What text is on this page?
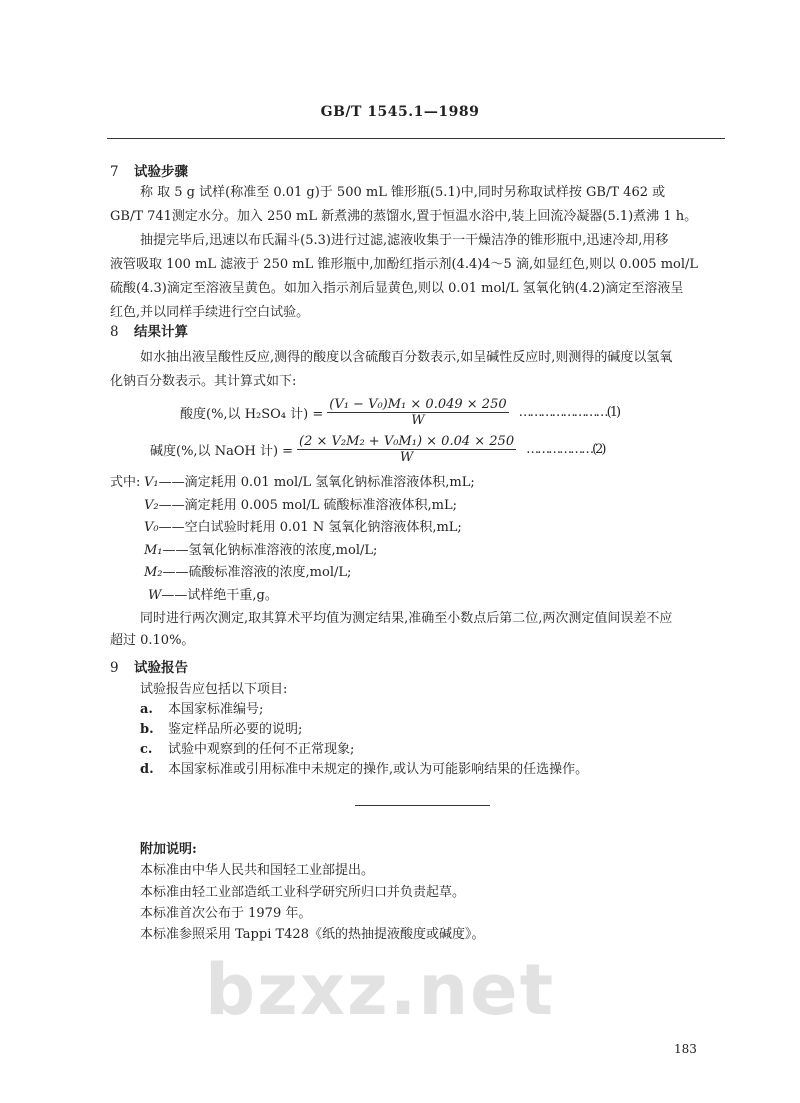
bzxz.net
GB/T 1545.1—1989
7 试验步骤
称 取 5 g 试样(称准至 0.01 g)于 500 mL 锥形瓶(5.1)中,同时另称取试样按 GB/T 462 或
GB/T 741测定水分。加入 250 mL 新煮沸的蒸馏水,置于恒温水浴中,装上回流冷凝器(5.1)煮沸 1 h。
抽提完毕后,迅速以布氏漏斗(5.3)进行过滤,滤液收集于一干燥洁净的锥形瓶中,迅速冷却,用移
液管吸取 100 mL 滤液于 250 mL 锥形瓶中,加酚红指示剂(4.4)4～5 滴,如显红色,则以 0.005 mol/L
硫酸(4.3)滴定至溶液呈黄色。如加入指示剂后显黄色,则以 0.01 mol/L 氢氧化钠(4.2)滴定至溶液呈
红色,并以同样手续进行空白试验。
8 结果计算
如水抽出液呈酸性反应,测得的酸度以含硫酸百分数表示,如呈碱性反应时,则测得的碱度以氢氧
化钠百分数表示。其计算式如下:
酸度(%,以 H₂SO₄ 计) = $\frac{\text{(V₁ − V₀)M₁ × 0.049 × 250}}{W}$ ……………………(1)
碱度(%,以 NaOH 计) = $\frac{\text{(2 × V₂M₂ + V₀M₁) × 0.04 × 250}}{W}$ ………………(2)
式中: V₁——滴定耗用 0.01 mol/L 氢氧化钠标准溶液体积,mL;
V₂——滴定耗用 0.005 mol/L 硫酸标准溶液体积,mL;
V₀——空白试验时耗用 0.01 N 氢氧化钠溶液体积,mL;
M₁——氢氧化钠标准溶液的浓度,mol/L;
M₂——硫酸标准溶液的浓度,mol/L;
W——试样绝干重,g。
同时进行两次测定,取其算术平均值为测定结果,准确至小数点后第二位,两次测定值间误差不应
超过 0.10%。
9 试验报告
试验报告应包括以下项目:
a. 本国家标准编号;
b. 鉴定样品所必要的说明;
c. 试验中观察到的任何不正常现象;
d. 本国家标准或引用标准中未规定的操作,或认为可能影响结果的任选操作。
附加说明:
本标准由中华人民共和国轻工业部提出。
本标准由轻工业部造纸工业科学研究所归口并负责起草。
本标准首次公布于 1979 年。
本标准参照采用 Tappi T428《纸的热抽提液酸度或碱度》。
183
